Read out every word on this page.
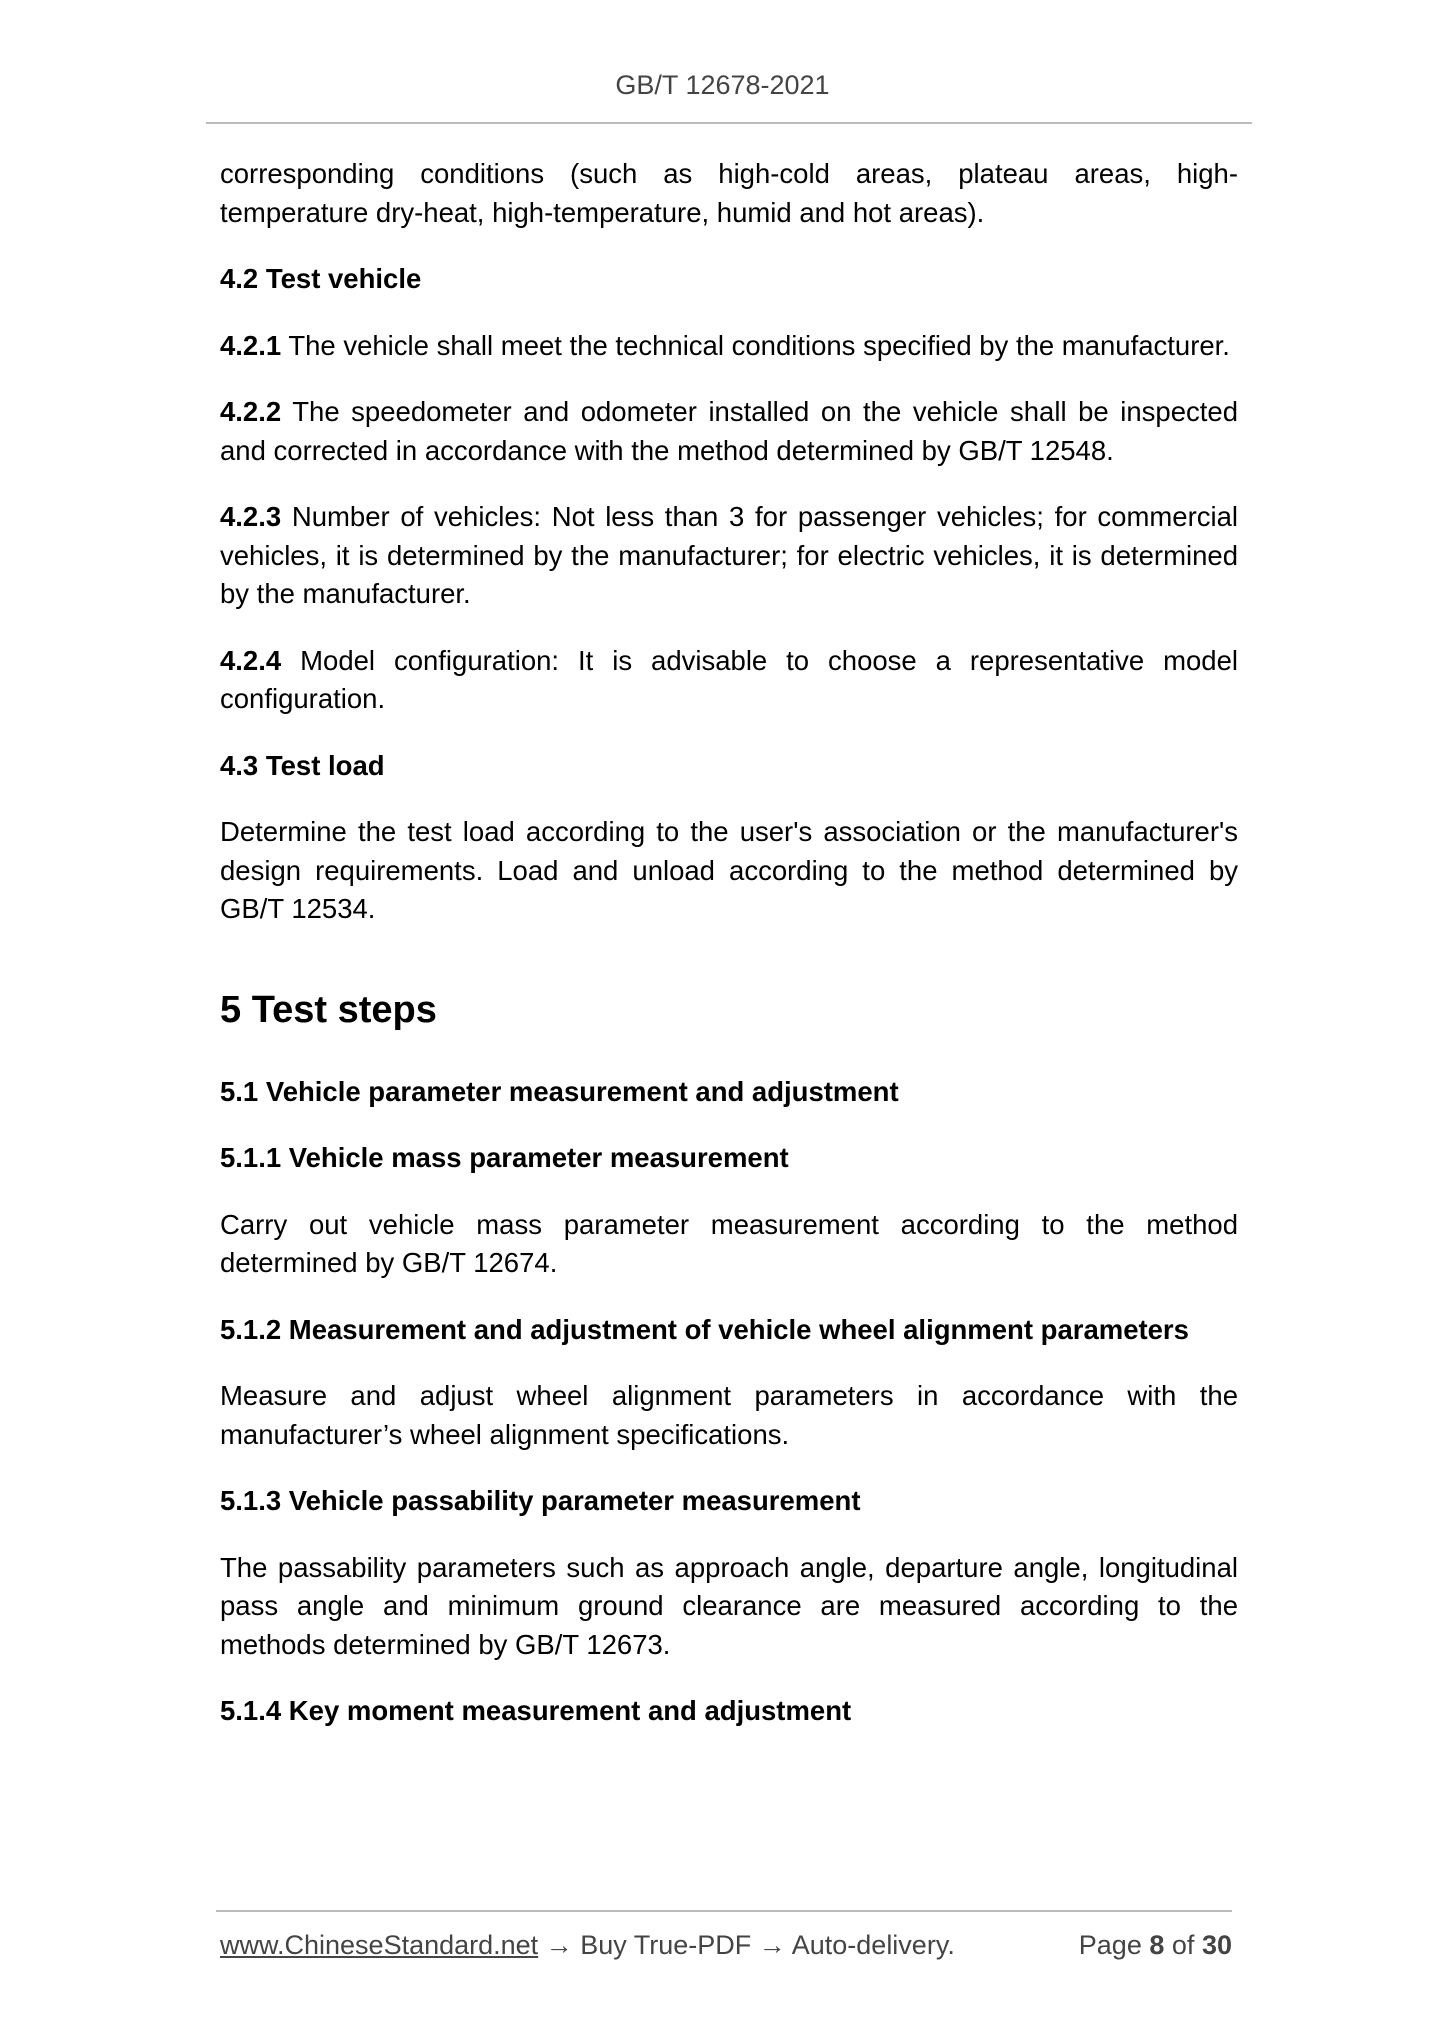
GB/T 12678-2021

corresponding conditions (such as high-cold areas, plateau areas, high-temperature dry-heat, high-temperature, humid and hot areas).

4.2 Test vehicle

4.2.1 The vehicle shall meet the technical conditions specified by the manufacturer.

4.2.2 The speedometer and odometer installed on the vehicle shall be inspected and corrected in accordance with the method determined by GB/T 12548.

4.2.3 Number of vehicles: Not less than 3 for passenger vehicles; for commercial vehicles, it is determined by the manufacturer; for electric vehicles, it is determined by the manufacturer.

4.2.4 Model configuration: It is advisable to choose a representative model configuration.

4.3 Test load

Determine the test load according to the user's association or the manufacturer's design requirements. Load and unload according to the method determined by GB/T 12534.

5 Test steps
5.1 Vehicle parameter measurement and adjustment
5.1.1 Vehicle mass parameter measurement

Carry out vehicle mass parameter measurement according to the method determined by GB/T 12674.

5.1.2 Measurement and adjustment of vehicle wheel alignment parameters

Measure and adjust wheel alignment parameters in accordance with the manufacturer’s wheel alignment specifications.

5.1.3 Vehicle passability parameter measurement

The passability parameters such as approach angle, departure angle, longitudinal pass angle and minimum ground clearance are measured according to the methods determined by GB/T 12673.

5.1.4 Key moment measurement and adjustment
www.ChineseStandard.net → Buy True-PDF → Auto-delivery.	Page 8 of 30
